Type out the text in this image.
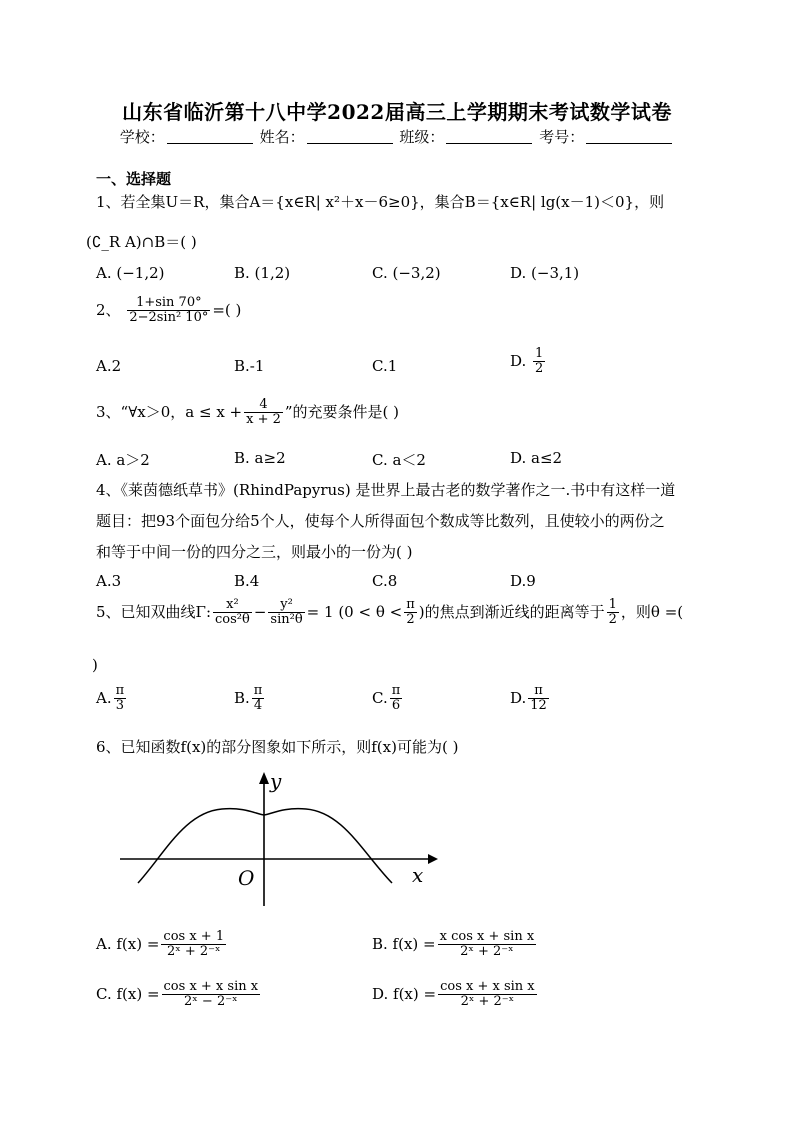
山东省临沂第十八中学2022届高三上学期期末考试数学试卷
学校：	姓名：	班级：	考号：
一、选择题
1、若全集U＝R，集合A＝{x∈R| x²＋x－6≥0}，集合B＝{x∈R| lg(x－1)＜0}，则
(∁_R A)∩B＝( )
A. (−1,2)	B. (1,2)	C. (−3,2)	D. (−3,1)
2、 $\frac{1+\sin 70^\circ}{\text{2−2sin² 10°}}$ =( )
A.2	B.-1	C.1	D. $\frac{1}{2}$
3、“∀x＞0，$a \le x + \frac{4}{x + 2}$ ”的充要条件是( )
A. a＞2	B. a≥2	C. a＜2	D. a≤2
4、《莱茵德纸草书》(RhindPapyrus) 是世界上最古老的数学著作之一.书中有这样一道
题目：把93个面包分给5个人，使每个人所得面包个数成等比数列，且使较小的两份之
和等于中间一份的四分之三，则最小的一份为( )
A.3	B.4	C.8	D.9
5、已知双曲线Γ: $\frac{\text{x²}}{\text{cos²θ}} - \frac{\text{y²}}{\text{sin²θ}} = 1$ ($0 < \theta < \frac{\pi}{2}$ )的焦点到渐近线的距离等于 $\frac{1}{2}$ ，则θ =(
)
A. $\frac{\pi}{3}$	B. $\frac{\pi}{4}$	C. $\frac{\pi}{6}$	D. $\frac{\pi}{12}$
6、已知函数f(x)的部分图象如下所示，则f(x)可能为( )
y
x
O
A. $f(x) = \frac{\text{cos x + 1}}{\text{2ˣ + 2⁻ˣ}}$	B. $f(x) = \frac{\text{x cos x + sin x}}{\text{2ˣ + 2⁻ˣ}}$
C. $f(x) = \frac{\text{cos x + x sin x}}{\text{2ˣ − 2⁻ˣ}}$	D. $f(x) = \frac{\text{cos x + x sin x}}{\text{2ˣ + 2⁻ˣ}}$
